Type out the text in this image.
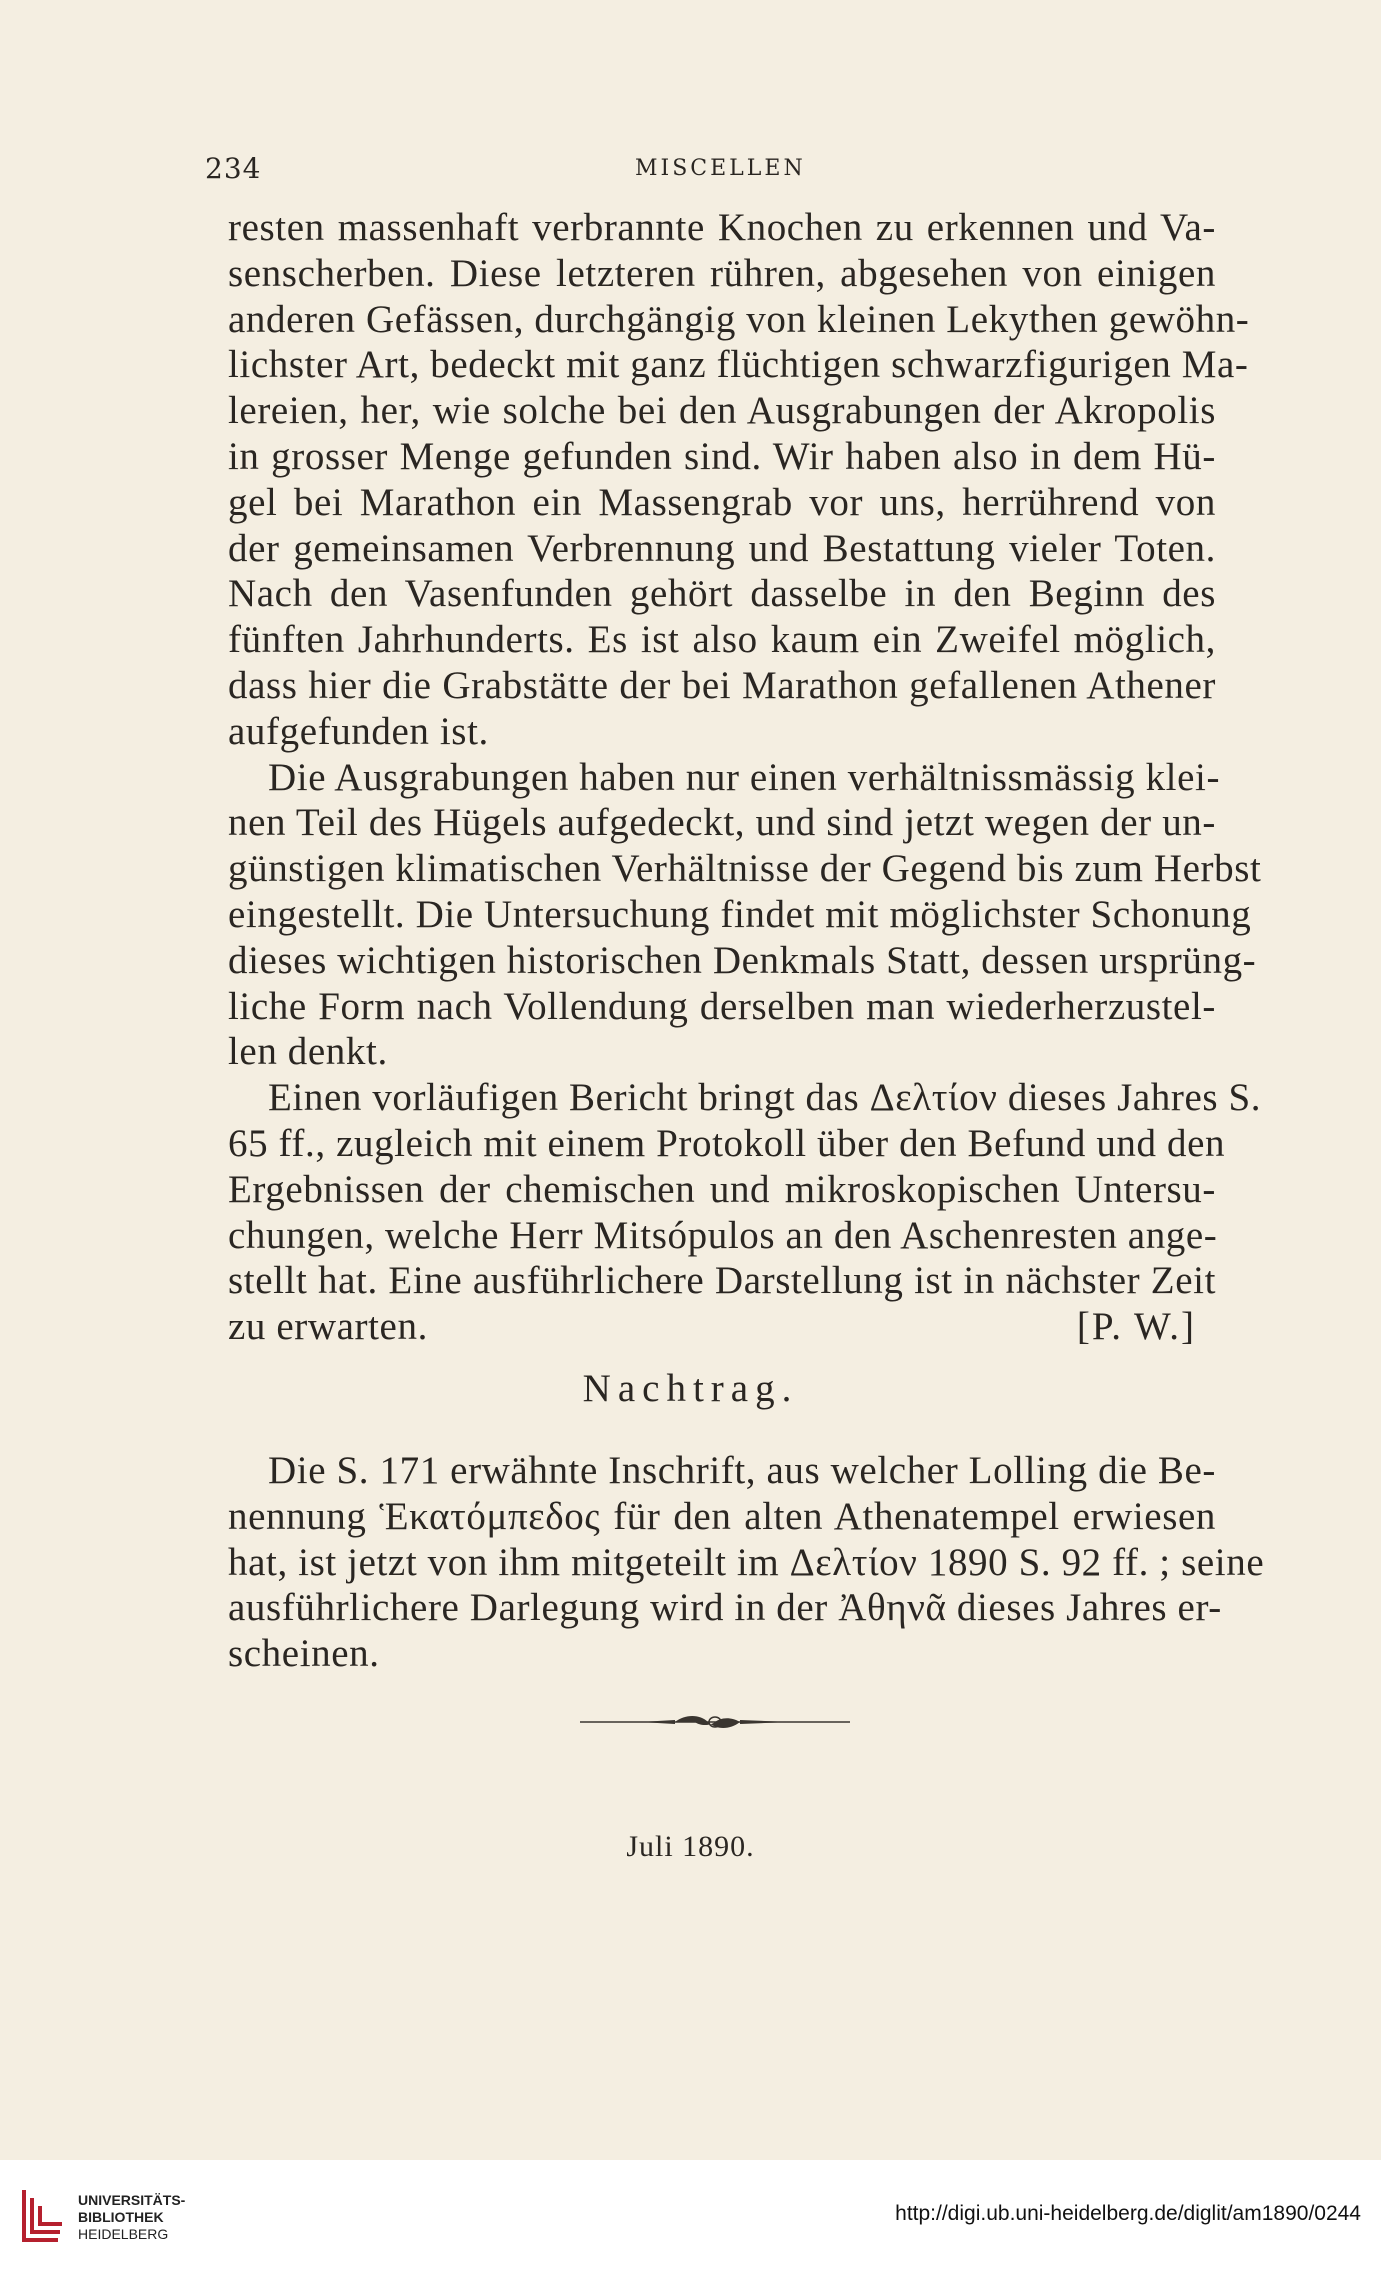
234	MISCELLEN

resten massenhaft verbrannte Knochen zu erkennen und Va-
senscherben. Diese letzteren rühren, abgesehen von einigen
anderen Gefässen, durchgängig von kleinen Lekythen gewöhn-
lichster Art, bedeckt mit ganz flüchtigen schwarzfigurigen Ma-
lereien, her, wie solche bei den Ausgrabungen der Akropolis
in grosser Menge gefunden sind. Wir haben also in dem Hü-
gel bei Marathon ein Massengrab vor uns, herrührend von
der gemeinsamen Verbrennung und Bestattung vieler Toten.
Nach den Vasenfunden gehört dasselbe in den Beginn des
fünften Jahrhunderts. Es ist also kaum ein Zweifel möglich,
dass hier die Grabstätte der bei Marathon gefallenen Athener
aufgefunden ist.

Die Ausgrabungen haben nur einen verhältnissmässig klei-
nen Teil des Hügels aufgedeckt, und sind jetzt wegen der un-
günstigen klimatischen Verhältnisse der Gegend bis zum Herbst
eingestellt. Die Untersuchung findet mit möglichster Schonung
dieses wichtigen historischen Denkmals Statt, dessen ursprüng-
liche Form nach Vollendung derselben man wiederherzustel-
len denkt.

Einen vorläufigen Bericht bringt das Δελτίον dieses Jahres S.
65 ff., zugleich mit einem Protokoll über den Befund und den
Ergebnissen der chemischen und mikroskopischen Untersu-
chungen, welche Herr Mitsópulos an den Aschenresten ange-
stellt hat. Eine ausführlichere Darstellung ist in nächster Zeit
zu erwarten.	[P. W.]

Nachtrag.
Die S. 171 erwähnte Inschrift, aus welcher Lolling die Be-
nennung Ἑκατόμπεδος für den alten Athenatempel erwiesen
hat, ist jetzt von ihm mitgeteilt im Δελτίον 1890 S. 92 ff. ; seine
ausführlichere Darlegung wird in der Ἀθηνᾶ dieses Jahres er-
scheinen.
Juli 1890.
UNIVERSITÄTS-
BIBLIOTHEK
HEIDELBERG
http://digi.ub.uni-heidelberg.de/diglit/am1890/0244
